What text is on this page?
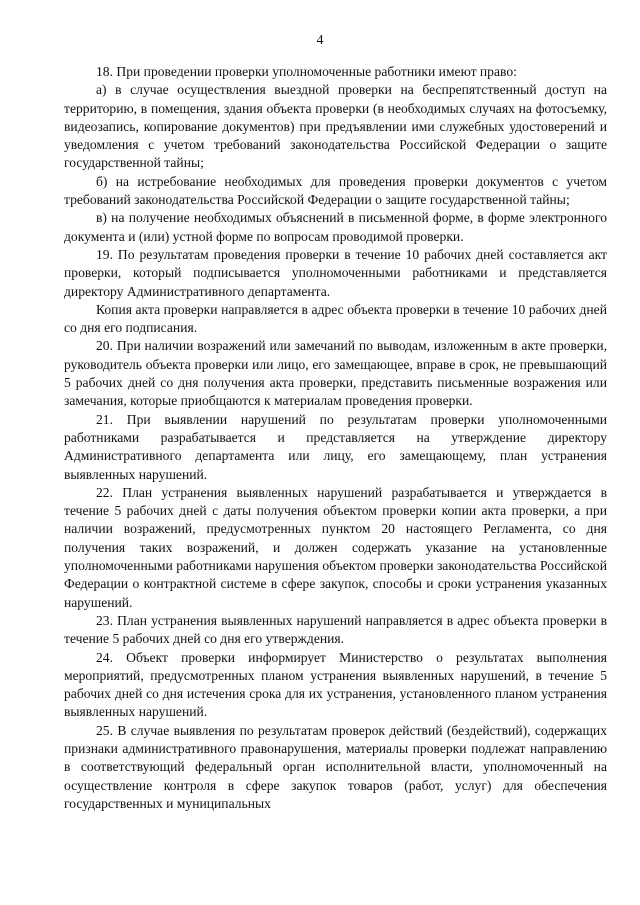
4

18. При проведении проверки уполномоченные работники имеют право:

а) в случае осуществления выездной проверки на беспрепятственный доступ на территорию, в помещения, здания объекта проверки (в необходимых случаях на фотосъемку, видеозапись, копирование документов) при предъявлении ими служебных удостоверений и уведомления с учетом требований законодательства Российской Федерации о защите государственной тайны;

б) на истребование необходимых для проведения проверки документов с учетом требований законодательства Российской Федерации о защите государственной тайны;

в) на получение необходимых объяснений в письменной форме, в форме электронного документа и (или) устной форме по вопросам проводимой проверки.

19. По результатам проведения проверки в течение 10 рабочих дней составляется акт проверки, который подписывается уполномоченными работниками и представляется директору Административного департамента.

Копия акта проверки направляется в адрес объекта проверки в течение 10 рабочих дней со дня его подписания.

20. При наличии возражений или замечаний по выводам, изложенным в акте проверки, руководитель объекта проверки или лицо, его замещающее, вправе в срок, не превышающий 5 рабочих дней со дня получения акта проверки, представить письменные возражения или замечания, которые приобщаются к материалам проведения проверки.

21. При выявлении нарушений по результатам проверки уполномоченными работниками разрабатывается и представляется на утверждение директору Административного департамента или лицу, его замещающему, план устранения выявленных нарушений.

22. План устранения выявленных нарушений разрабатывается и утверждается в течение 5 рабочих дней с даты получения объектом проверки копии акта проверки, а при наличии возражений, предусмотренных пунктом 20 настоящего Регламента, со дня получения таких возражений, и должен содержать указание на установленные уполномоченными работниками нарушения объектом проверки законодательства Российской Федерации о контрактной системе в сфере закупок, способы и сроки устранения указанных нарушений.

23. План устранения выявленных нарушений направляется в адрес объекта проверки в течение 5 рабочих дней со дня его утверждения.

24. Объект проверки информирует Министерство о результатах выполнения мероприятий, предусмотренных планом устранения выявленных нарушений, в течение 5 рабочих дней со дня истечения срока для их устранения, установленного планом устранения выявленных нарушений.

25. В случае выявления по результатам проверок действий (бездействий), содержащих признаки административного правонарушения, материалы проверки подлежат направлению в соответствующий федеральный орган исполнительной власти, уполномоченный на осуществление контроля в сфере закупок товаров (работ, услуг) для обеспечения государственных и муниципальных
